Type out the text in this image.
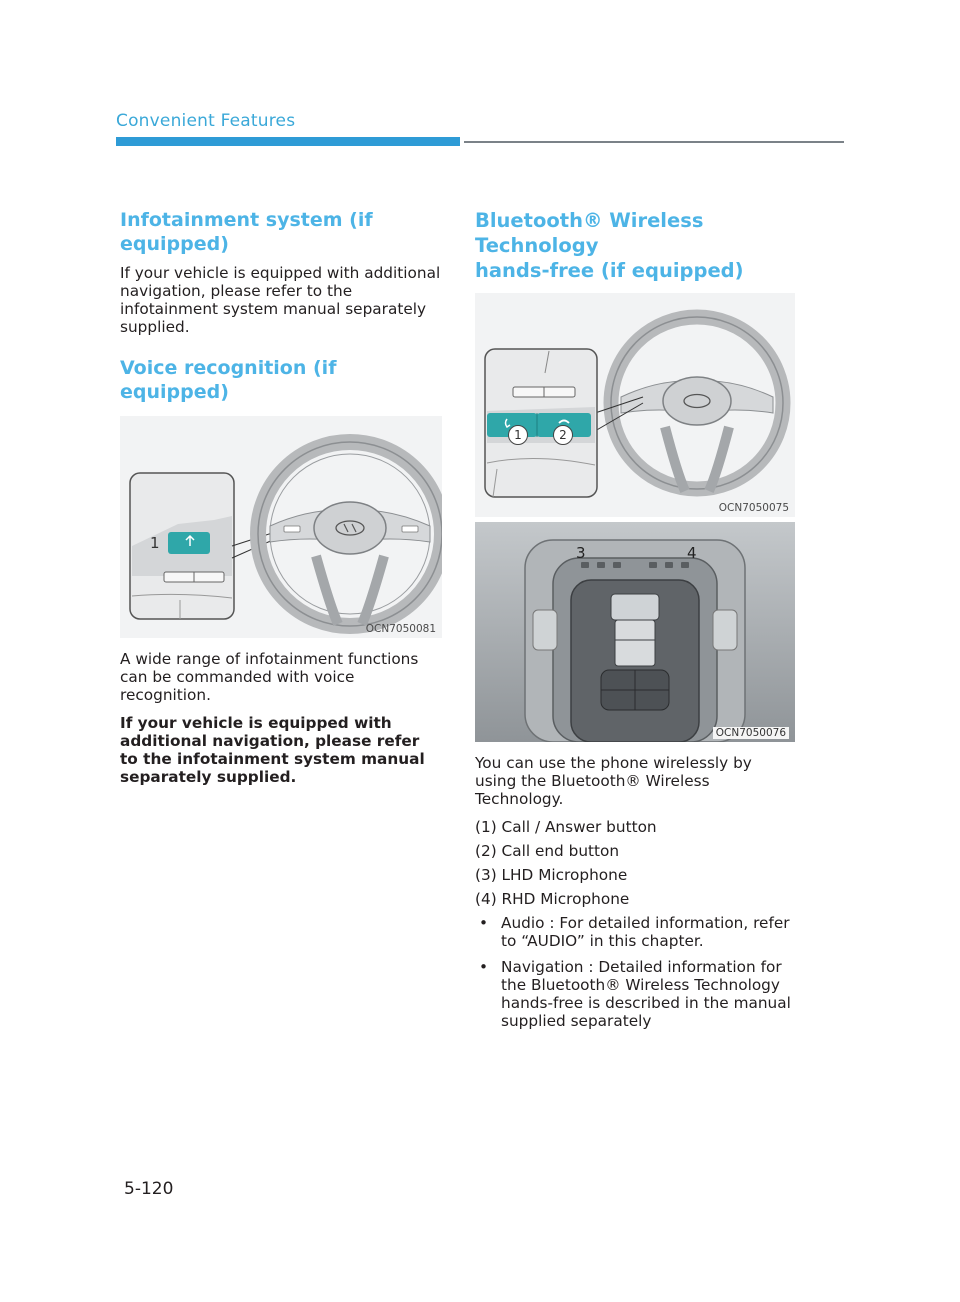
Convenient Features
Infotainment system (if equipped)

If your vehicle is equipped with additional navigation, please refer to the infotainment system manual separately supplied.

Voice recognition (if equipped)
1
OCN7050081

A wide range of infotainment functions can be commanded with voice recognition.

If your vehicle is equipped with additional navigation, please refer to the infotainment system manual separately supplied.

Bluetooth® Wireless Technology
hands-free (if equipped)
1	2
OCN7050075
3	4
OCN7050076

You can use the phone wirelessly by using the Bluetooth® Wireless Technology.

(1) Call / Answer button
(2) Call end button
(3) LHD Microphone
(4) RHD Microphone
• Audio : For detailed information, refer to “AUDIO” in this chapter.
• Navigation : Detailed information for the Bluetooth® Wireless Technology hands-free is described in the manual supplied separately
5-120
